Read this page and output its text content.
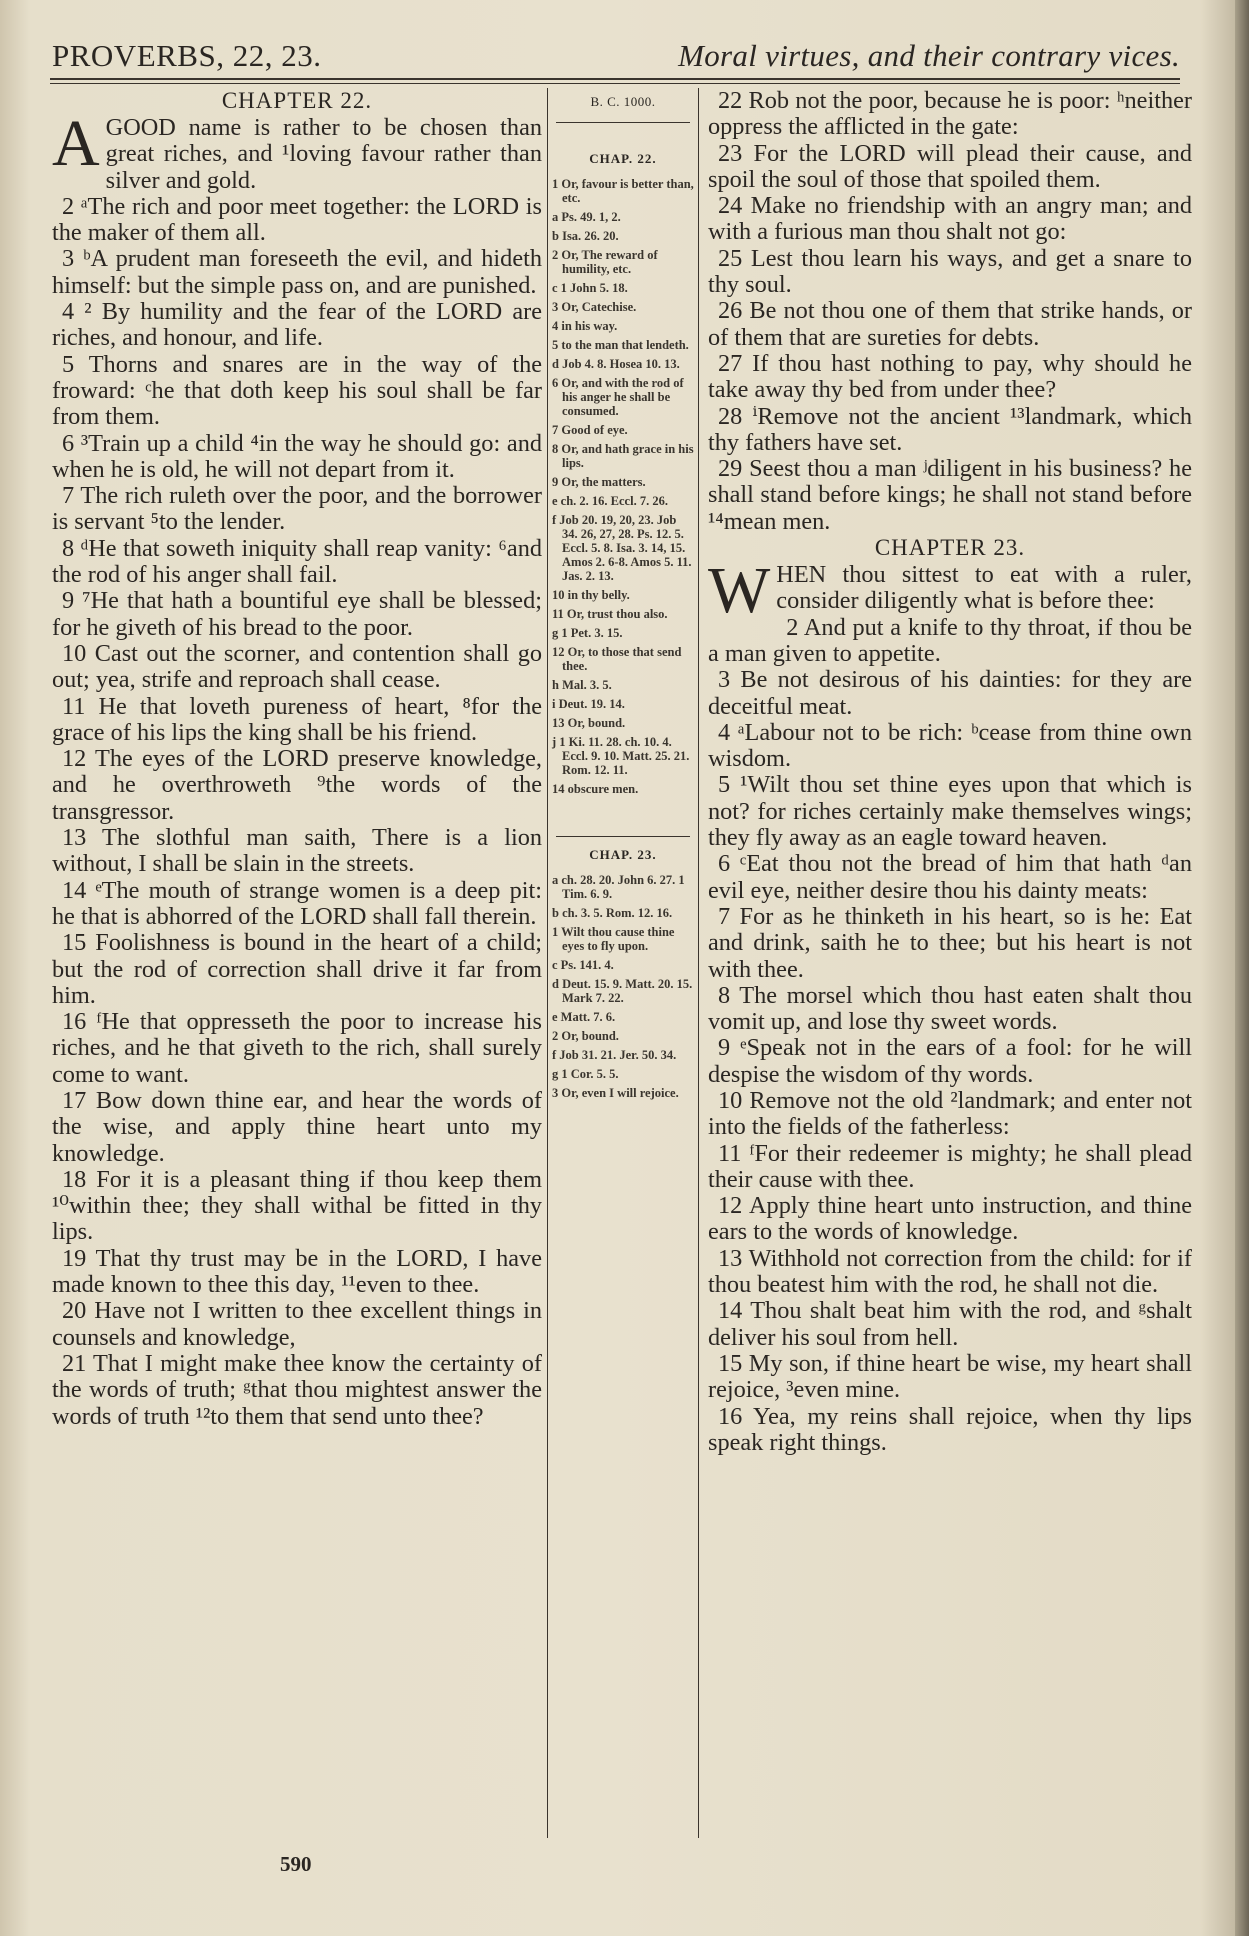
PROVERBS, 22, 23.	Moral virtues, and their contrary vices.
CHAPTER 22.

AGOOD name is rather to be chosen than great riches, and ¹loving favour rather than silver and gold.

2 ᵃThe rich and poor meet together: the LORD is the maker of them all.

3 ᵇA prudent man foreseeth the evil, and hideth himself: but the simple pass on, and are punished.

4 ² By humility and the fear of the LORD are riches, and honour, and life.

5 Thorns and snares are in the way of the froward: ᶜhe that doth keep his soul shall be far from them.

6 ³Train up a child ⁴in the way he should go: and when he is old, he will not depart from it.

7 The rich ruleth over the poor, and the borrower is servant ⁵to the lender.

8 ᵈHe that soweth iniquity shall reap vanity: ⁶and the rod of his anger shall fail.

9 ⁷He that hath a bountiful eye shall be blessed; for he giveth of his bread to the poor.

10 Cast out the scorner, and contention shall go out; yea, strife and reproach shall cease.

11 He that loveth pureness of heart, ⁸for the grace of his lips the king shall be his friend.

12 The eyes of the LORD preserve knowledge, and he overthroweth ⁹the words of the transgressor.

13 The slothful man saith, There is a lion without, I shall be slain in the streets.

14 ᵉThe mouth of strange women is a deep pit: he that is abhorred of the LORD shall fall therein.

15 Foolishness is bound in the heart of a child; but the rod of correction shall drive it far from him.

16 ᶠHe that oppresseth the poor to increase his riches, and he that giveth to the rich, shall surely come to want.

17 Bow down thine ear, and hear the words of the wise, and apply thine heart unto my knowledge.

18 For it is a pleasant thing if thou keep them ¹⁰within thee; they shall withal be fitted in thy lips.

19 That thy trust may be in the LORD, I have made known to thee this day, ¹¹even to thee.

20 Have not I written to thee excellent things in counsels and knowledge,

21 That I might make thee know the certainty of the words of truth; ᵍthat thou mightest answer the words of truth ¹²to them that send unto thee?

B. C. 1000.
CHAP. 22.
1 Or, favour is better than, etc.
a Ps. 49. 1, 2.
b Isa. 26. 20.
2 Or, The reward of humility, etc.
c 1 John 5. 18.
3 Or, Catechise.
4 in his way.
5 to the man that lendeth.
d Job 4. 8. Hosea 10. 13.
6 Or, and with the rod of his anger he shall be consumed.
7 Good of eye.
8 Or, and hath grace in his lips.
9 Or, the matters.
e ch. 2. 16. Eccl. 7. 26.
f Job 20. 19, 20, 23. Job 34. 26, 27, 28. Ps. 12. 5. Eccl. 5. 8. Isa. 3. 14, 15. Amos 2. 6-8. Amos 5. 11. Jas. 2. 13.
10 in thy belly.
11 Or, trust thou also.
g 1 Pet. 3. 15.
12 Or, to those that send thee.
h Mal. 3. 5.
i Deut. 19. 14.
13 Or, bound.
j 1 Ki. 11. 28. ch. 10. 4. Eccl. 9. 10. Matt. 25. 21. Rom. 12. 11.
14 obscure men.
CHAP. 23.
a ch. 28. 20. John 6. 27. 1 Tim. 6. 9.
b ch. 3. 5. Rom. 12. 16.
1 Wilt thou cause thine eyes to fly upon.
c Ps. 141. 4.
d Deut. 15. 9. Matt. 20. 15. Mark 7. 22.
e Matt. 7. 6.
2 Or, bound.
f Job 31. 21. Jer. 50. 34.
g 1 Cor. 5. 5.
3 Or, even I will rejoice.

22 Rob not the poor, because he is poor: ʰneither oppress the afflicted in the gate:

23 For the LORD will plead their cause, and spoil the soul of those that spoiled them.

24 Make no friendship with an angry man; and with a furious man thou shalt not go:

25 Lest thou learn his ways, and get a snare to thy soul.

26 Be not thou one of them that strike hands, or of them that are sureties for debts.

27 If thou hast nothing to pay, why should he take away thy bed from under thee?

28 ⁱRemove not the ancient ¹³landmark, which thy fathers have set.

29 Seest thou a man ʲdiligent in his business? he shall stand before kings; he shall not stand before ¹⁴mean men.

CHAPTER 23.

WHEN thou sittest to eat with a ruler, consider diligently what is before thee:

2 And put a knife to thy throat, if thou be a man given to appetite.

3 Be not desirous of his dainties: for they are deceitful meat.

4 ᵃLabour not to be rich: ᵇcease from thine own wisdom.

5 ¹Wilt thou set thine eyes upon that which is not? for riches certainly make themselves wings; they fly away as an eagle toward heaven.

6 ᶜEat thou not the bread of him that hath ᵈan evil eye, neither desire thou his dainty meats:

7 For as he thinketh in his heart, so is he: Eat and drink, saith he to thee; but his heart is not with thee.

8 The morsel which thou hast eaten shalt thou vomit up, and lose thy sweet words.

9 ᵉSpeak not in the ears of a fool: for he will despise the wisdom of thy words.

10 Remove not the old ²landmark; and enter not into the fields of the fatherless:

11 ᶠFor their redeemer is mighty; he shall plead their cause with thee.

12 Apply thine heart unto instruction, and thine ears to the words of knowledge.

13 Withhold not correction from the child: for if thou beatest him with the rod, he shall not die.

14 Thou shalt beat him with the rod, and ᵍshalt deliver his soul from hell.

15 My son, if thine heart be wise, my heart shall rejoice, ³even mine.

16 Yea, my reins shall rejoice, when thy lips speak right things.

590
